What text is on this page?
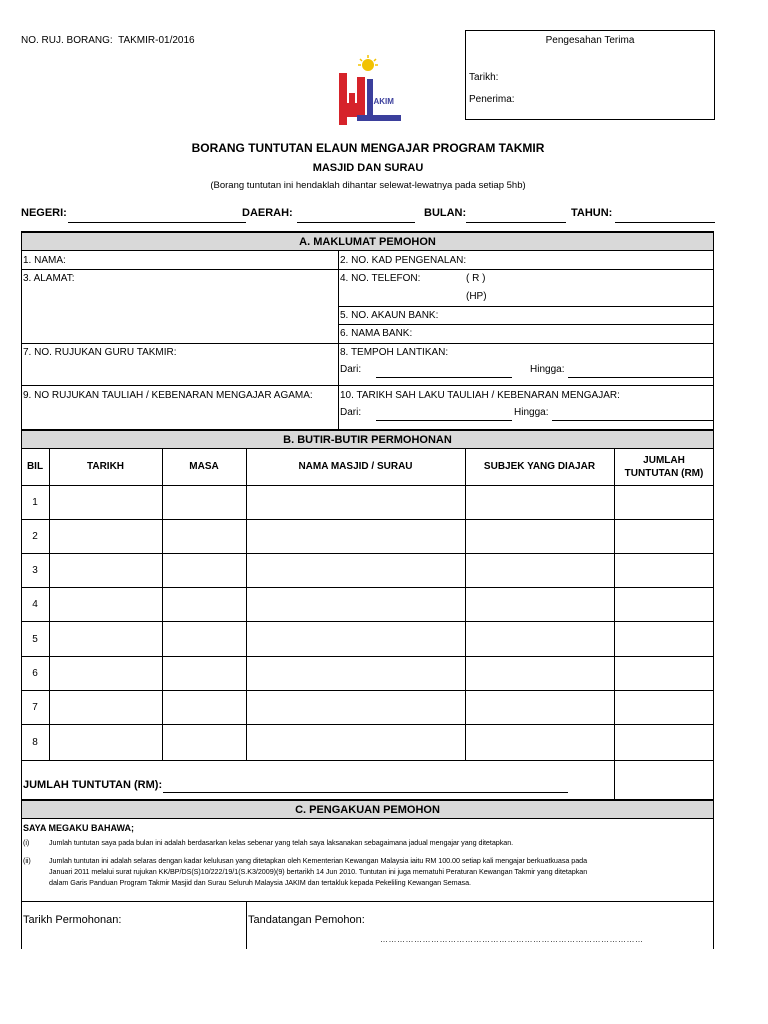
NO. RUJ. BORANG: TAKMIR-01/2016	Pengesahan Terima
Tarikh:
Penerima:
JAKIM
BORANG TUNTUTAN ELAUN MENGAJAR PROGRAM TAKMIR
MASJID DAN SURAU
(Borang tuntutan ini hendaklah dihantar selewat-lewatnya pada setiap 5hb)
NEGERI:	DAERAH:	BULAN:	TAHUN:
A. MAKLUMAT PEMOHON
1. NAMA:	2. NO. KAD PENGENALAN:
3. ALAMAT:	4. NO. TELEFON:	( R )
(HP)
5. NO. AKAUN BANK:
6. NAMA BANK:
7. NO. RUJUKAN GURU TAKMIR:	8. TEMPOH LANTIKAN:
Dari:	Hingga:
9. NO RUJUKAN TAULIAH / KEBENARAN MENGAJAR AGAMA:	10. TARIKH SAH LAKU TAULIAH / KEBENARAN MENGAJAR:
Dari:	Hingga:
B. BUTIR-BUTIR PERMOHONAN
BIL	TARIKH	MASA	NAMA MASJID / SURAU	SUBJEK YANG DIAJAR
JUMLAH
TUNTUTAN (RM)
1
2
3
4
5
6
7
8
JUMLAH TUNTUTAN (RM):
C. PENGAKUAN PEMOHON
SAYA MEGAKU BAHAWA;
(i)	Jumlah tuntutan saya pada bulan ini adalah berdasarkan kelas sebenar yang telah saya laksanakan sebagaimana jadual mengajar yang ditetapkan.
(ii)	Jumlah tuntutan ini adalah selaras dengan kadar kelulusan yang ditetapkan oleh Kementerian Kewangan Malaysia iaitu RM 100.00 setiap kali mengajar berkuatkuasa pada
Januari 2011 melalui surat rujukan KK/BP/DS(S)10/222/19/1(S.K3/2009)(9) bertarikh 14 Jun 2010. Tuntutan ini juga mematuhi Peraturan Kewangan Takmir yang ditetapkan
dalam Garis Panduan Program Takmir Masjid dan Surau Seluruh Malaysia JAKIM dan tertakluk kepada Pekeliling Kewangan Semasa.
Tarikh Permohonan:	Tandatangan Pemohon:
…………………………………………………………………………………
